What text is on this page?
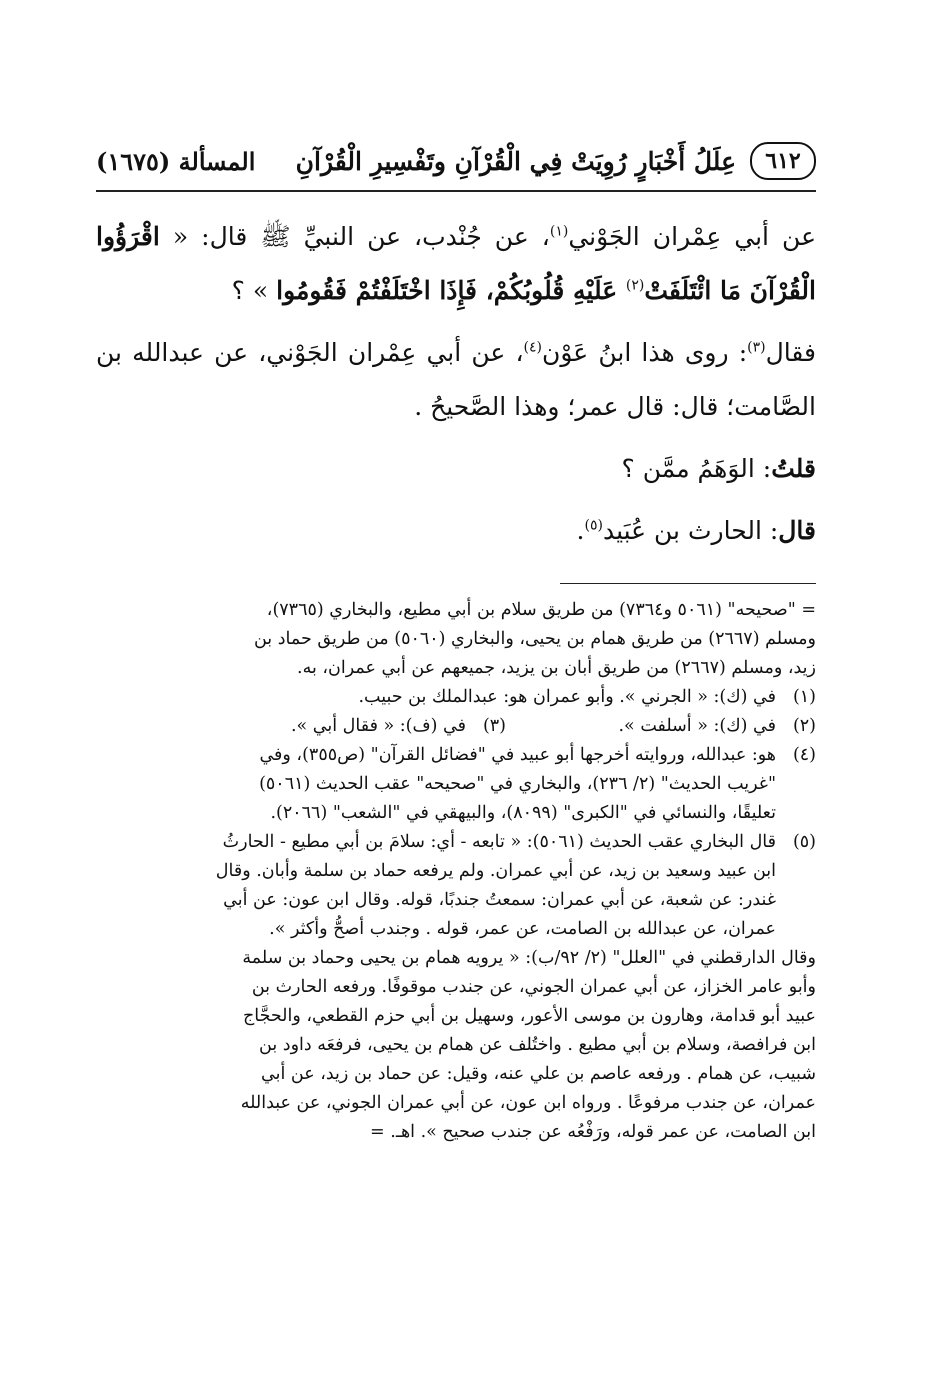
٦١٢
عِلَلُ أَخْبَارٍ رُوِيَتْ فِي الْقُرْآنِ وتَفْسِيرِ الْقُرْآنِ
المسألة (١٦٧٥)

عن أبي عِمْران الجَوْني$^{(١)}$، عن جُنْدب، عن النبيِّ ﷺ قال: « اقْرَؤُوا الْقُرْآنَ مَا ائْتَلَفَتْ$^{(٢)}$ عَلَيْهِ قُلُوبُكُمْ، فَإِذَا اخْتَلَفْتُمْ فَقُومُوا » ؟

فقال$^{(٣)}$: روى هذا ابنُ عَوْن$^{(٤)}$، عن أبي عِمْران الجَوْني، عن عبدالله بن الصَّامت؛ قال: قال عمر؛ وهذا الصَّحيحُ .

قلتُ: الوَهَمُ ممَّن ؟

قال: الحارث بن عُبَيد$^{(٥)}$.

= "صحيحه" (٥٠٦١ و٧٣٦٤) من طريق سلام بن أبي مطيع، والبخاري (٧٣٦٥)،

ومسلم (٢٦٦٧) من طريق همام بن يحيى، والبخاري (٥٠٦٠) من طريق حماد بن

زيد، ومسلم (٢٦٦٧) من طريق أبان بن يزيد، جميعهم عن أبي عمران، به.

(١)
في (ك): « الجرني ». وأبو عمران هو: عبدالملك بن حبيب.
(٢)
في (ك): « أسلفت ».
(٣)
في (ف): « فقال أبي ».
(٤)
هو: عبدالله، وروايته أخرجها أبو عبيد في "فضائل القرآن" (ص٣٥٥)، وفي
"غريب الحديث" (٢/ ٢٣٦)، والبخاري في "صحيحه" عقب الحديث (٥٠٦١)
تعليقًا، والنسائي في "الكبرى" (٨٠٩٩)، والبيهقي في "الشعب" (٢٠٦٦).
(٥)
قال البخاري عقب الحديث (٥٠٦١): « تابعه - أي: سلامَ بن أبي مطيع - الحارثُ
ابن عبيد وسعيد بن زيد، عن أبي عمران. ولم يرفعه حماد بن سلمة وأبان. وقال
غندر: عن شعبة، عن أبي عمران: سمعتُ جندبًا، قوله. وقال ابن عون: عن أبي
عمران، عن عبدالله بن الصامت، عن عمر، قوله . وجندب أصحُّ وأكثر ».

وقال الدارقطني في "العلل" (٢/ ٩٢/ب): « يرويه همام بن يحيى وحماد بن سلمة

وأبو عامر الخزاز، عن أبي عمران الجوني، عن جندب موقوفًا. ورفعه الحارث بن

عبيد أبو قدامة، وهارون بن موسى الأعور، وسهيل بن أبي حزم القطعي، والحجَّاج

ابن فرافصة، وسلام بن أبي مطيع . واختُلف عن همام بن يحيى، فرفعَه داود بن

شبيب، عن همام . ورفعه عاصم بن علي عنه، وقيل: عن حماد بن زيد، عن أبي

عمران، عن جندب مرفوعًا . ورواه ابن عون، عن أبي عمران الجوني، عن عبدالله

ابن الصامت، عن عمر قوله، ورَفْعُه عن جندب صحيح ». اهـ. =
